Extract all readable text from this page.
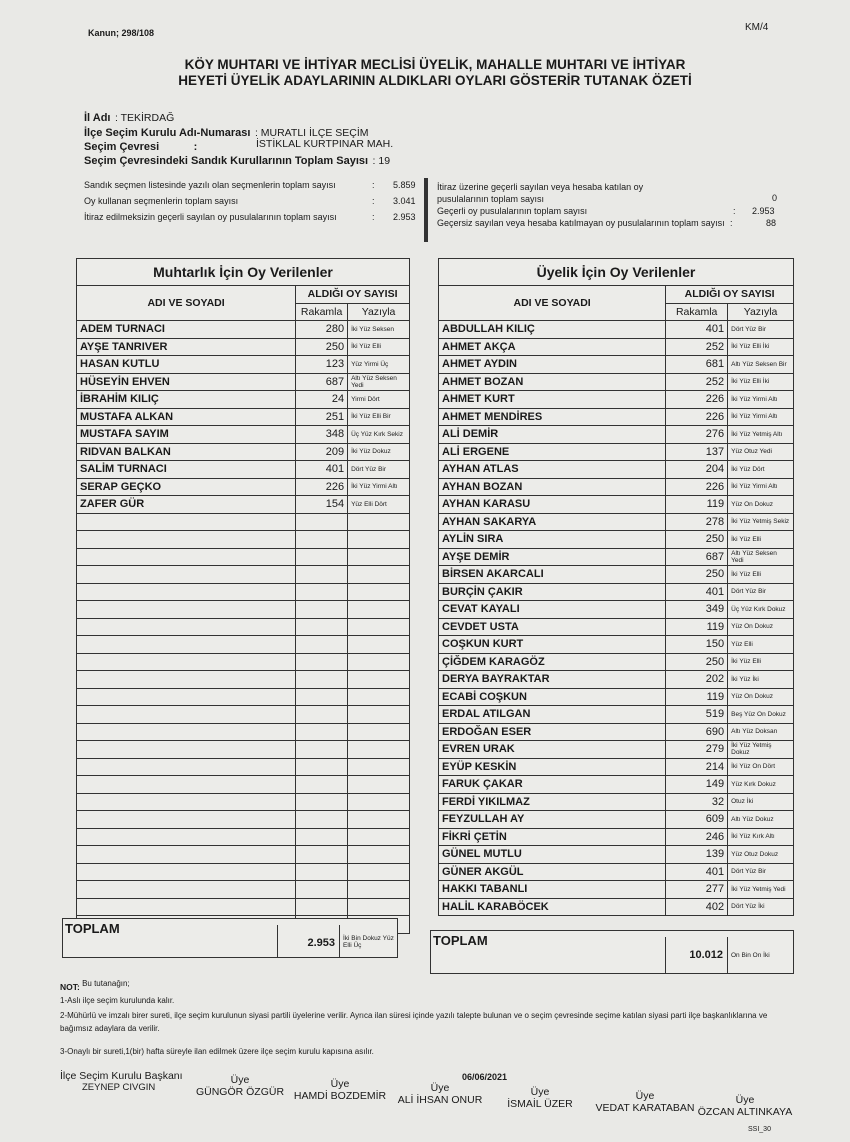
Kanun; 298/108	KM/4
KÖY MUHTARI VE İHTİYAR MECLİSİ ÜYELİK, MAHALLE MUHTARI VE İHTİYAR
HEYETİ ÜYELİK ADAYLARININ ALDIKLARI OYLARI GÖSTERİR TUTANAK ÖZETİ
İl Adı : TEKİRDAĞ
İlçe Seçim Kurulu Adı-Numarası : MURATLI İLÇE SEÇİM
Seçim Çevresi	:	İSTİKLAL KURTPINAR MAH.
Seçim Çevresindeki Sandık Kurullarının Toplam Sayısı : 19
Sandık seçmen listesinde yazılı olan seçmenlerin toplam sayısı	: 5.859
Oy kullanan seçmenlerin toplam sayısı	: 3.041
İtiraz edilmeksizin geçerli sayılan oy pusulalarının toplam sayısı	: 2.953
İtiraz üzerine geçerli sayılan veya hesaba katılan oy
pusulalarının toplam sayısı	0
Geçerli oy pusulalarının toplam sayısı	: 2.953
Geçersiz sayılan veya hesaba katılmayan oy pusulalarının toplam sayısı :	88
Muhtarlık İçin Oy Verilenler		
ADI VE SOYADI	ALDIĞI OY SAYISI	
	Rakamla	Yazıyla
ADEM TURNACI	280	İki Yüz Seksen
AYŞE TANRIVER	250	İki Yüz Elli
HASAN KUTLU	123	Yüz Yirmi Üç
HÜSEYİN EHVEN	687	Altı Yüz Seksen Yedi
İBRAHİM KILIÇ	24	Yirmi Dört
MUSTAFA ALKAN	251	İki Yüz Elli Bir
MUSTAFA SAYIM	348	Üç Yüz Kırk Sekiz
RIDVAN BALKAN	209	İki Yüz Dokuz
SALİM TURNACI	401	Dört Yüz Bir
SERAP GEÇKO	226	İki Yüz Yirmi Altı
ZAFER GÜR	154	Yüz Elli Dört

TOPLAM
2.953 İki Bin Dokuz Yüz Elli Üç
Üyelik İçin Oy Verilenler		
ADI VE SOYADI	ALDIĞI OY SAYISI	
	Rakamla	Yazıyla
ABDULLAH KILIÇ	401	Dört Yüz Bir
AHMET AKÇA	252	İki Yüz Elli İki
AHMET AYDIN	681	Altı Yüz Seksen Bir
AHMET BOZAN	252	İki Yüz Elli İki
AHMET KURT	226	İki Yüz Yirmi Altı
AHMET MENDİRES	226	İki Yüz Yirmi Altı
ALİ DEMİR	276	İki Yüz Yetmiş Altı
ALİ ERGENE	137	Yüz Otuz Yedi
AYHAN ATLAS	204	İki Yüz Dört
AYHAN BOZAN	226	İki Yüz Yirmi Altı
AYHAN KARASU	119	Yüz On Dokuz
AYHAN SAKARYA	278	İki Yüz Yetmiş Sekiz
AYLİN SIRA	250	İki Yüz Elli
AYŞE DEMİR	687	Altı Yüz Seksen Yedi
BİRSEN AKARCALI	250	İki Yüz Elli
BURÇİN ÇAKIR	401	Dört Yüz Bir
CEVAT KAYALI	349	Üç Yüz Kırk Dokuz
CEVDET USTA	119	Yüz On Dokuz
COŞKUN KURT	150	Yüz Elli
ÇİĞDEM KARAGÖZ	250	İki Yüz Elli
DERYA BAYRAKTAR	202	İki Yüz İki
ECABİ COŞKUN	119	Yüz On Dokuz
ERDAL ATILGAN	519	Beş Yüz On Dokuz
ERDOĞAN ESER	690	Altı Yüz Doksan
EVREN URAK	279	İki Yüz Yetmiş Dokuz
EYÜP KESKİN	214	İki Yüz On Dört
FARUK ÇAKAR	149	Yüz Kırk Dokuz
FERDİ YIKILMAZ	32	Otuz İki
FEYZULLAH AY	609	Altı Yüz Dokuz
FİKRİ ÇETİN	246	İki Yüz Kırk Altı
GÜNEL MUTLU	139	Yüz Otuz Dokuz
GÜNER AKGÜL	401	Dört Yüz Bir
HAKKI TABANLI	277	İki Yüz Yetmiş Yedi
HALİL KARABÖCEK	402	Dört Yüz İki
TOPLAM
10.012 On Bin On İki
NOT: Bu tutanağın;
1-Aslı ilçe seçim kurulunda kalır.
2-Mühürlü ve imzalı birer sureti, ilçe seçim kurulunun siyasi partili üyelerine verilir. Ayrıca ilan süresi içinde yazılı talepte bulunan ve o seçim çevresinde seçime katılan siyasi parti ilçe başkanlıklarına ve
bağımsız adaylara da verilir.
3-Onaylı bir sureti,1(bir) hafta süreyle ilan edilmek üzere ilçe seçim kurulu kapısına asılır.
06/06/2021
İlçe Seçim Kurulu Başkanı
ZEYNEP CIVGIN
Üye
GÜNGÖR ÖZGÜR
Üye
HAMDİ BOZDEMİR
Üye
ALİ İHSAN ONUR
Üye
İSMAİL ÜZER
Üye
VEDAT KARATABAN
Üye
ÖZCAN ALTINKAYA
SSI_30
